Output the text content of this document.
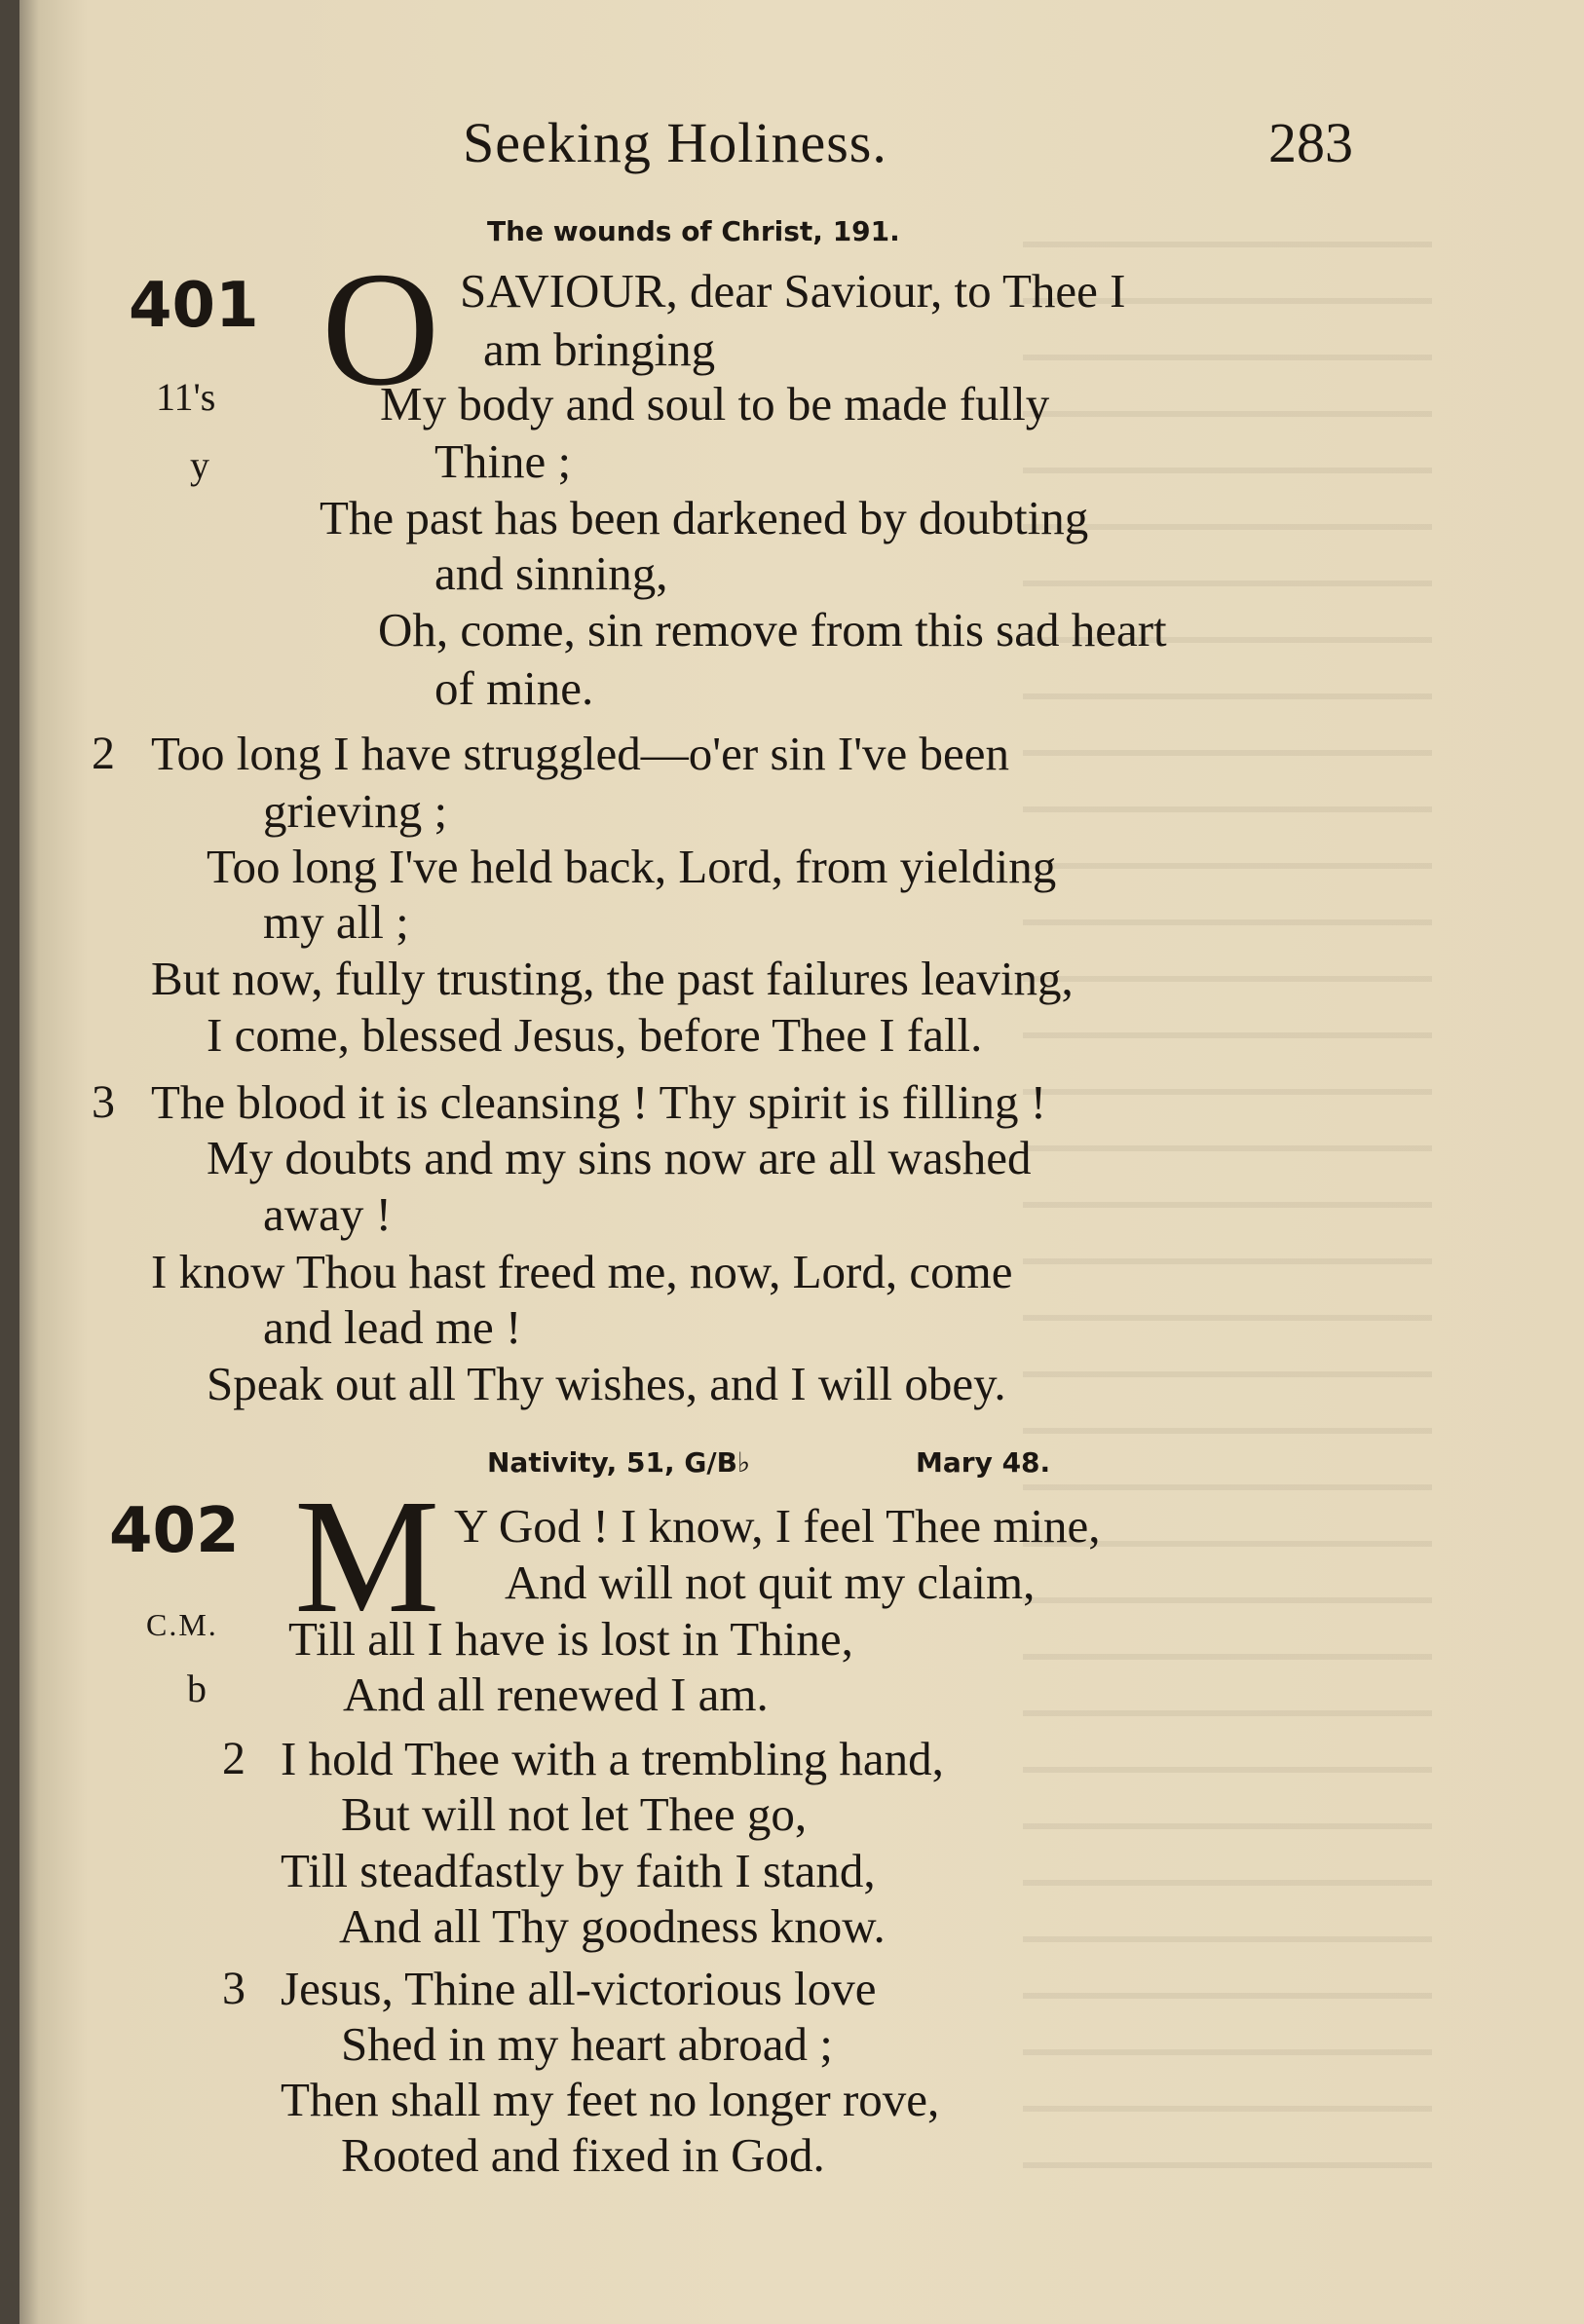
Seeking Holiness.	283
The wounds of Christ, 191.
401 O
11's
y
SAVIOUR, dear Saviour, to Thee I
am bringing
My body and soul to be made fully
Thine ;
The past has been darkened by doubting
and sinning,
Oh, come, sin remove from this sad heart
of mine.
2 Too long I have struggled—o'er sin I've been
grieving ;
Too long I've held back, Lord, from yielding
my all ;
But now, fully trusting, the past failures leaving,
I come, blessed Jesus, before Thee I fall.
3 The blood it is cleansing ! Thy spirit is filling !
My doubts and my sins now are all washed
away !
I know Thou hast freed me, now, Lord, come
and lead me !
Speak out all Thy wishes, and I will obey.
Nativity, 51, G/B♭	Mary 48.
402 M
C.M.
b
Y God ! I know, I feel Thee mine,
And will not quit my claim,
Till all I have is lost in Thine,
And all renewed I am.
2 I hold Thee with a trembling hand,
But will not let Thee go,
Till steadfastly by faith I stand,
And all Thy goodness know.
3 Jesus, Thine all-victorious love
Shed in my heart abroad ;
Then shall my feet no longer rove,
Rooted and fixed in God.
